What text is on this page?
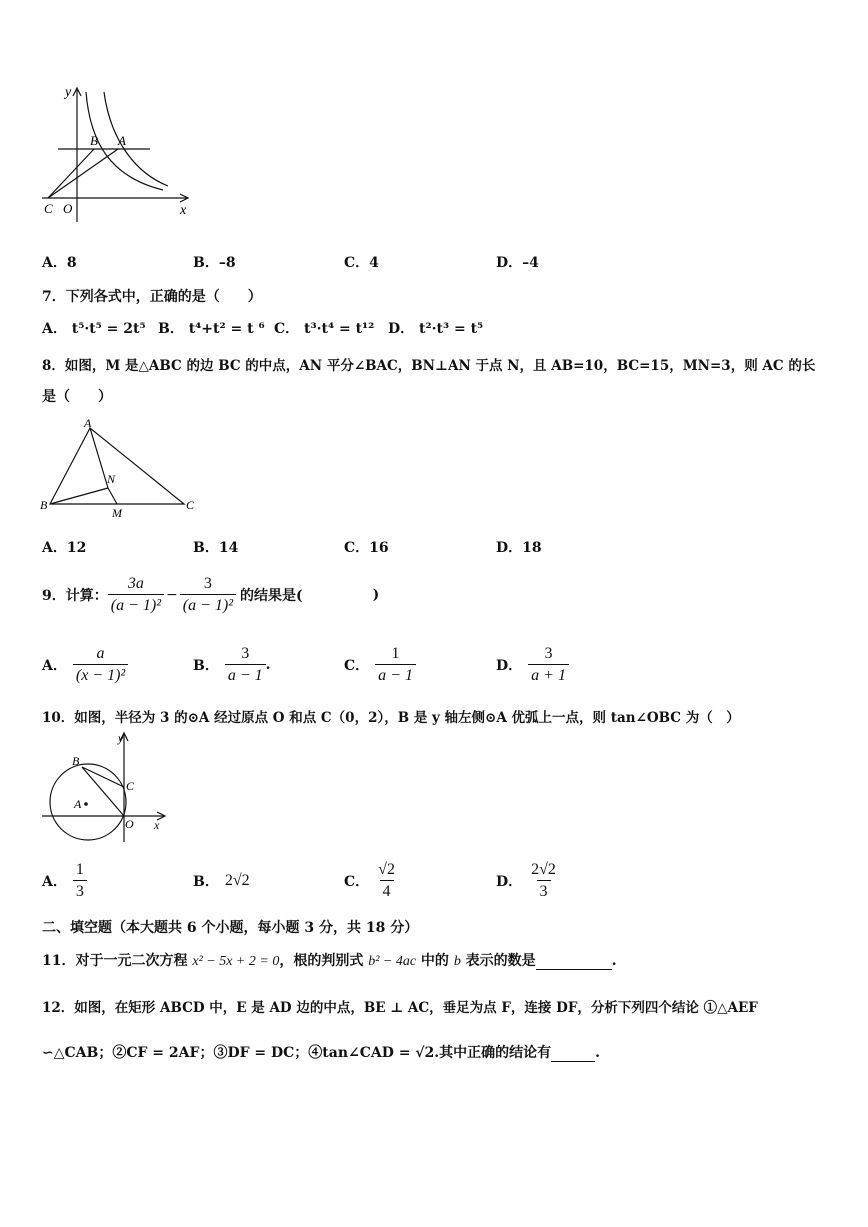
y
x
B A
C O
A．8	B．–8	C．4	D．–4
7．下列各式中，正确的是（　　）
A． t⁵·t⁵ = 2t⁵ B． t⁴+t² = t ⁶ C． t³·t⁴ = t¹² D． t²·t³ = t⁵
8．如图，M 是△ABC 的边 BC 的中点，AN 平分∠BAC，BN⊥AN 于点 N，且 AB=10，BC=15，MN=3，则 AC 的长
是（　　）
A
B	C
N
M
A．12	B．14	C．16	D．18
9．计算： $\frac{3a}{\text{(a − 1)²}} - \frac{3}{\text{(a − 1)²}}$ 的结果是(	)
A． $\frac{a}{\text{(x − 1)²}}$	B． $\frac{3}{a - 1}$ .	C． $\frac{1}{a - 1}$	D． $\frac{3}{a + 1}$
10．如图，半径为 3 的⊙A 经过原点 O 和点 C（0，2），B 是 y 轴左侧⊙A 优弧上一点，则 tan∠OBC 为（　）
y
B
C
A
O x
A． $\frac{1}{3}$	B． 2√2	C． $\frac{√2}{4}$	D． $\frac{2√2}{3}$
二、填空题（本大题共 6 个小题，每小题 3 分，共 18 分）
11．对于一元二次方程 x² − 5x + 2 = 0，根的判别式 b² − 4ac 中的 b 表示的数是	.
12．如图，在矩形 ABCD 中，E 是 AD 边的中点，BE ⊥ AC，垂足为点 F，连接 DF，分析下列四个结论 ①△AEF
∽△CAB；②CF = 2AF；③DF = DC；④tan∠CAD = √2.其中正确的结论有	.
